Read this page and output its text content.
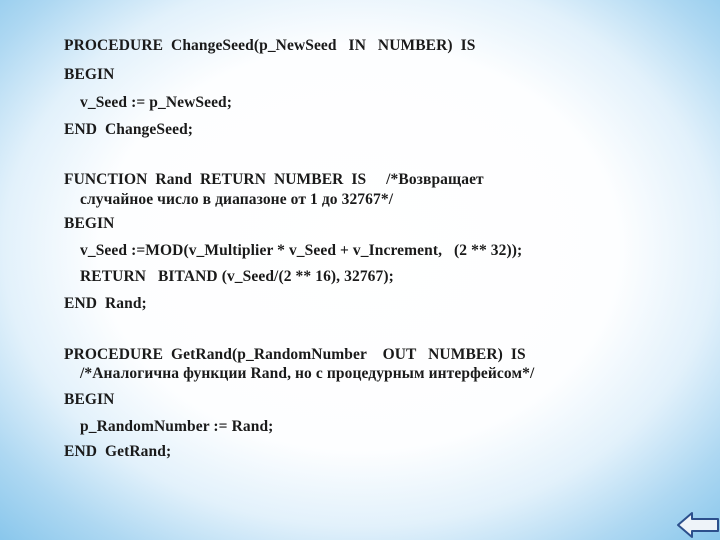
PROCEDURE  ChangeSeed(p_NewSeed   IN   NUMBER)  IS

BEGIN

v_Seed := p_NewSeed;

END  ChangeSeed;

FUNCTION  Rand  RETURN  NUMBER  IS     /*Возвращает

случайное число в диапазоне от 1 до 32767*/

BEGIN

v_Seed :=MOD(v_Multiplier * v_Seed + v_Increment,   (2 ** 32));

RETURN   BITAND (v_Seed/(2 ** 16), 32767);

END  Rand;

PROCEDURE  GetRand(p_RandomNumber    OUT   NUMBER)  IS

/*Аналогична функции Rand, но с процедурным интерфейсом*/

BEGIN

p_RandomNumber := Rand;

END  GetRand;
